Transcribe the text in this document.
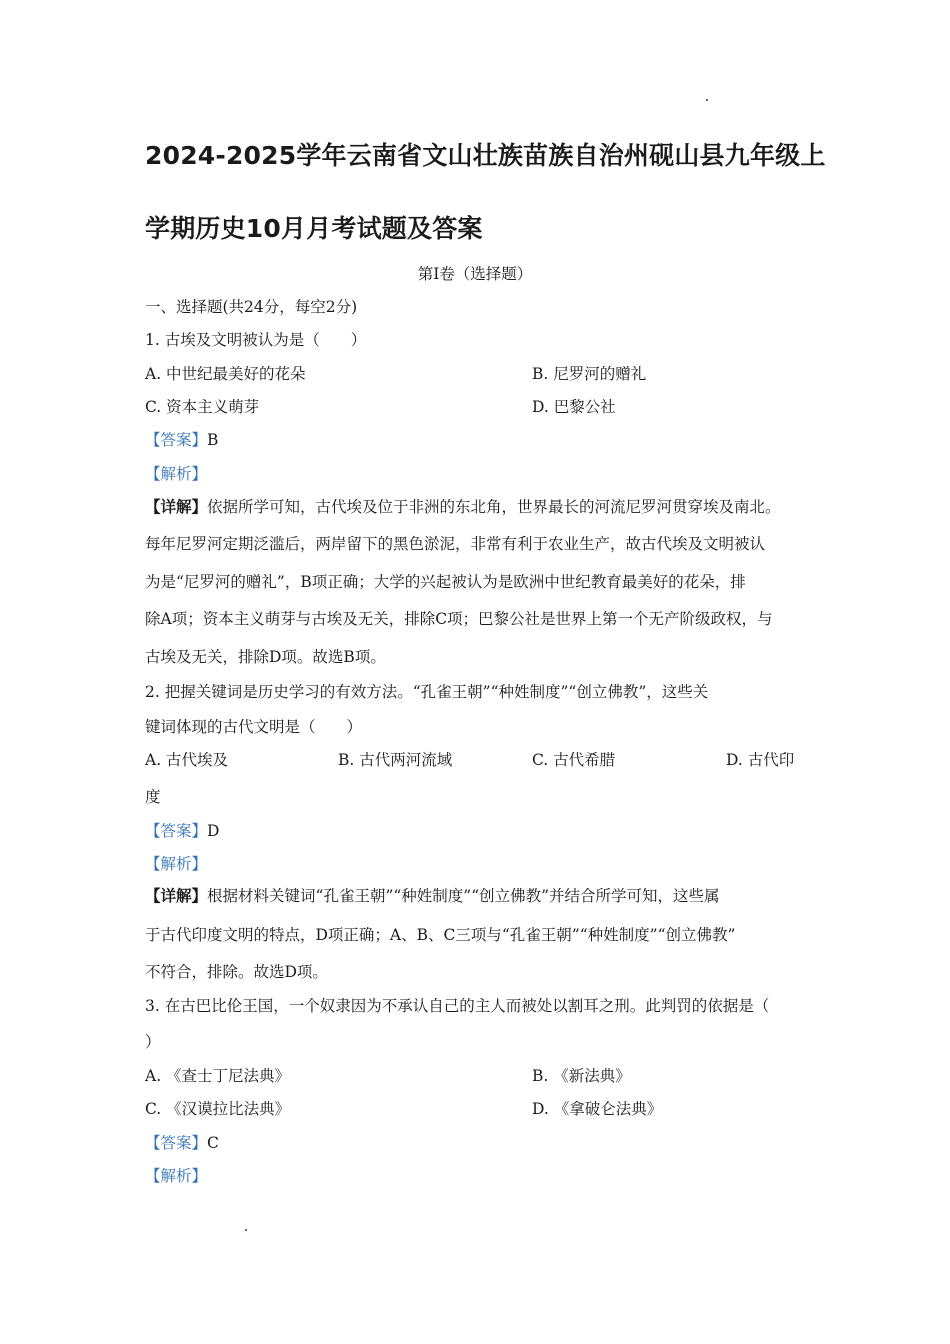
2024-2025学年云南省文山壮族苗族自治州砚山县九年级上
学期历史10月月考试题及答案
第Ⅰ卷（选择题）
一、选择题(共24分，每空2分)
1. 古埃及文明被认为是（　　）
A. 中世纪最美好的花朵	B. 尼罗河的赠礼
C. 资本主义萌芽	D. 巴黎公社
【答案】B
【解析】
【详解】依据所学可知，古代埃及位于非洲的东北角，世界最长的河流尼罗河贯穿埃及南北。
每年尼罗河定期泛滥后，两岸留下的黑色淤泥，非常有利于农业生产，故古代埃及文明被认
为是“尼罗河的赠礼”，B项正确；大学的兴起被认为是欧洲中世纪教育最美好的花朵，排
除A项；资本主义萌芽与古埃及无关，排除C项；巴黎公社是世界上第一个无产阶级政权，与
古埃及无关，排除D项。故选B项。
2. 把握关键词是历史学习的有效方法。“孔雀王朝”“种姓制度”“创立佛教”，这些关
键词体现的古代文明是（　　）
A. 古代埃及	B. 古代两河流域	C. 古代希腊	D. 古代印
度
【答案】D
【解析】
【详解】根据材料关键词“孔雀王朝”“种姓制度”“创立佛教”并结合所学可知，这些属
于古代印度文明的特点，D项正确；A、B、C三项与“孔雀王朝”“种姓制度”“创立佛教”
不符合，排除。故选D项。
3. 在古巴比伦王国，一个奴隶因为不承认自己的主人而被处以割耳之刑。此判罚的依据是（
）
A. 《查士丁尼法典》	B. 《新法典》
C. 《汉谟拉比法典》	D. 《拿破仑法典》
【答案】C
【解析】
